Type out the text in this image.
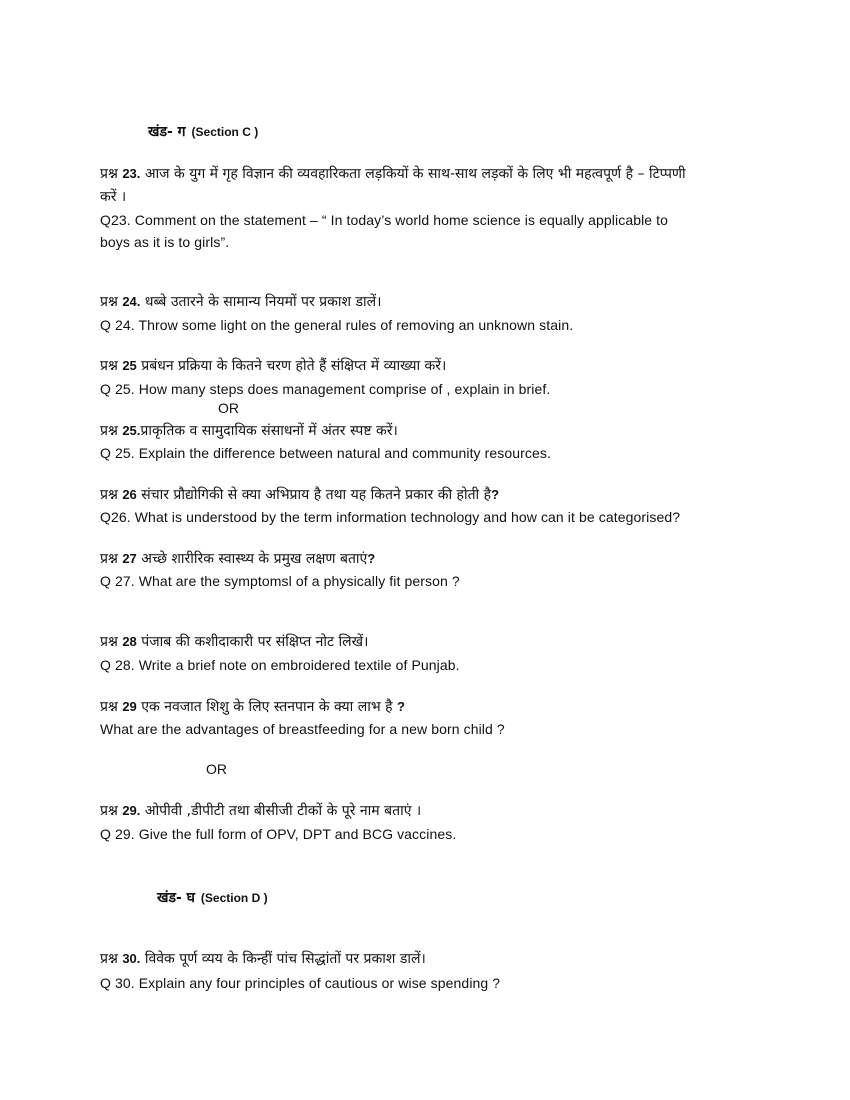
खंड- ग (Section C )

प्रश्न 23. आज के युग में गृह विज्ञान की व्यवहारिकता लड़कियों के साथ-साथ लड़कों के लिए भी महत्वपूर्ण है – टिप्पणी

करें ।

Q23. Comment on the statement – “ In today’s world home science is equally applicable to

boys as it is to girls”.

प्रश्न 24. धब्बे उतारने के सामान्य नियमों पर प्रकाश डालें।

Q 24. Throw some light on the general rules of removing an unknown stain.

प्रश्न 25 प्रबंधन प्रक्रिया के कितने चरण होते हैं संक्षिप्त में व्याख्या करें।

Q 25. How many steps does management comprise of , explain in brief.

OR

प्रश्न 25.प्राकृतिक व सामुदायिक संसाधनों में अंतर स्पष्ट करें।

Q 25. Explain the difference between natural and community resources.

प्रश्न 26 संचार प्रौद्योगिकी से क्या अभिप्राय है तथा यह कितने प्रकार की होती है?

Q26. What is understood by the term information technology and how can it be categorised?

प्रश्न 27 अच्छे शारीरिक स्वास्थ्य के प्रमुख लक्षण बताएं?

Q 27. What are the symptomsl of a physically fit person ?

प्रश्न 28 पंजाब की कशीदाकारी पर संक्षिप्त नोट लिखें।

Q 28. Write a brief note on embroidered textile of Punjab.

प्रश्न 29 एक नवजात शिशु के लिए स्तनपान के क्या लाभ है ?

What are the advantages of breastfeeding for a new born child ?

OR

प्रश्न 29. ओपीवी ,डीपीटी तथा बीसीजी टीकों के पूरे नाम बताएं ।

Q 29. Give the full form of OPV, DPT and BCG vaccines.

खंड- घ (Section D )

प्रश्न 30. विवेक पूर्ण व्यय के किन्हीं पांच सिद्धांतों पर प्रकाश डालें।

Q 30. Explain any four principles of cautious or wise spending ?
